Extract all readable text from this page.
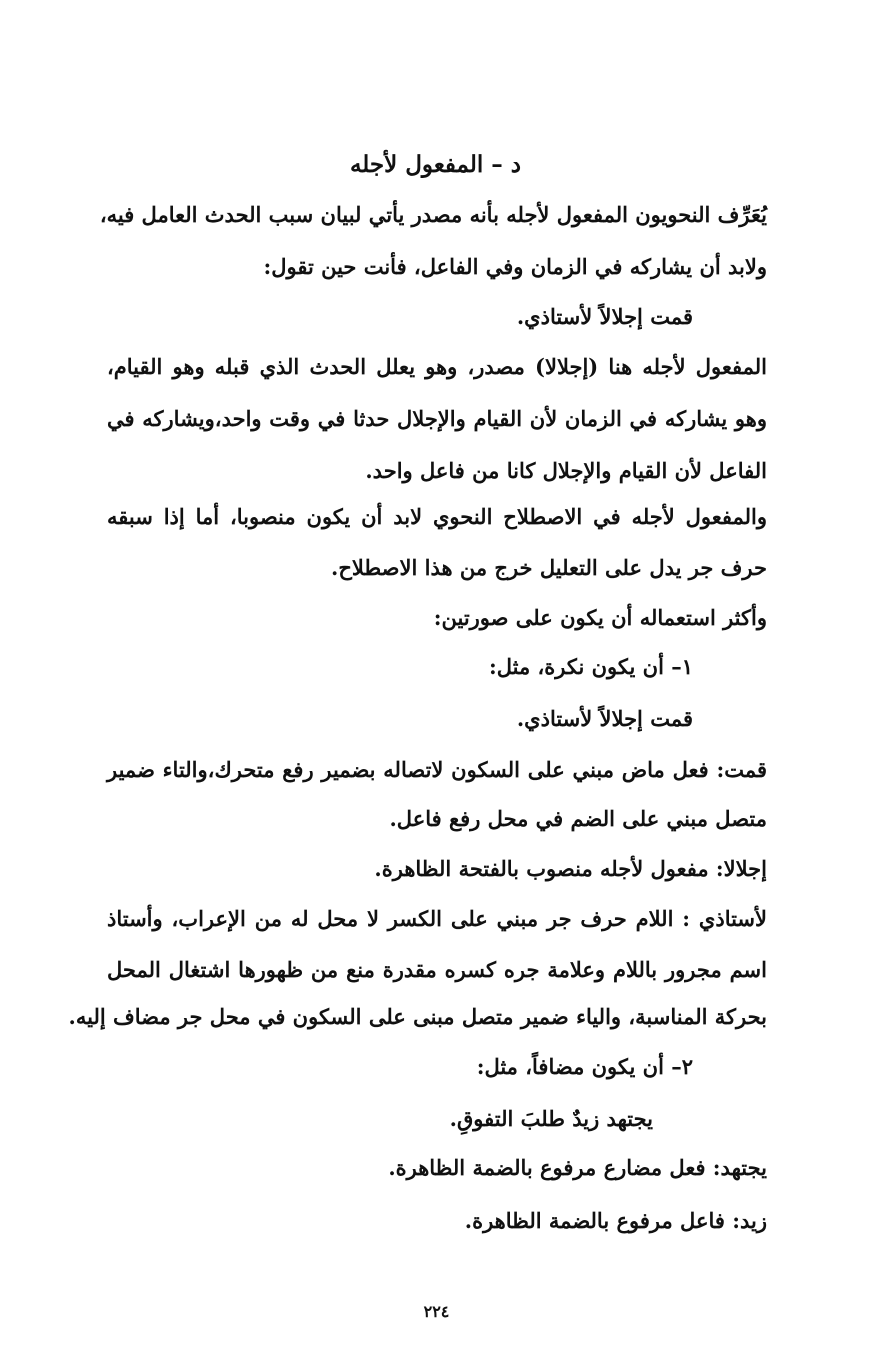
د – المفعول لأجله
يُعَرِّف النحويون المفعول لأجله بأنه مصدر يأتي لبيان سبب الحدث العامل فيه،
ولابد أن يشاركه في الزمان وفي الفاعل، فأنت حين تقول:
قمت إجلالاً لأستاذي.
المفعول لأجله هنا (إجلالا) مصدر، وهو يعلل الحدث الذي قبله وهو القيام،
وهو يشاركه في الزمان لأن القيام والإجلال حدثا في وقت واحد،ويشاركه في
الفاعل لأن القيام والإجلال كانا من فاعل واحد.
والمفعول لأجله في الاصطلاح النحوي لابد أن يكون منصوبا، أما إذا سبقه
حرف جر يدل على التعليل خرج من هذا الاصطلاح.
وأكثر استعماله أن يكون على صورتين:
١– أن يكون نكرة، مثل:
قمت إجلالاً لأستاذي.
قمت: فعل ماض مبني على السكون لاتصاله بضمير رفع متحرك،والتاء ضمير
متصل مبني على الضم في محل رفع فاعل.
إجلالا: مفعول لأجله منصوب بالفتحة الظاهرة.
لأستاذي : اللام حرف جر مبني على الكسر لا محل له من الإعراب، وأستاذ
اسم مجرور باللام وعلامة جره كسره مقدرة منع من ظهورها اشتغال المحل
بحركة المناسبة، والياء ضمير متصل مبنى على السكون في محل جر مضاف إليه.
٢– أن يكون مضافاً، مثل:
يجتهد زيدٌ طلبَ التفوقِ.
يجتهد: فعل مضارع مرفوع بالضمة الظاهرة.
زيد: فاعل مرفوع بالضمة الظاهرة.
٢٢٤
